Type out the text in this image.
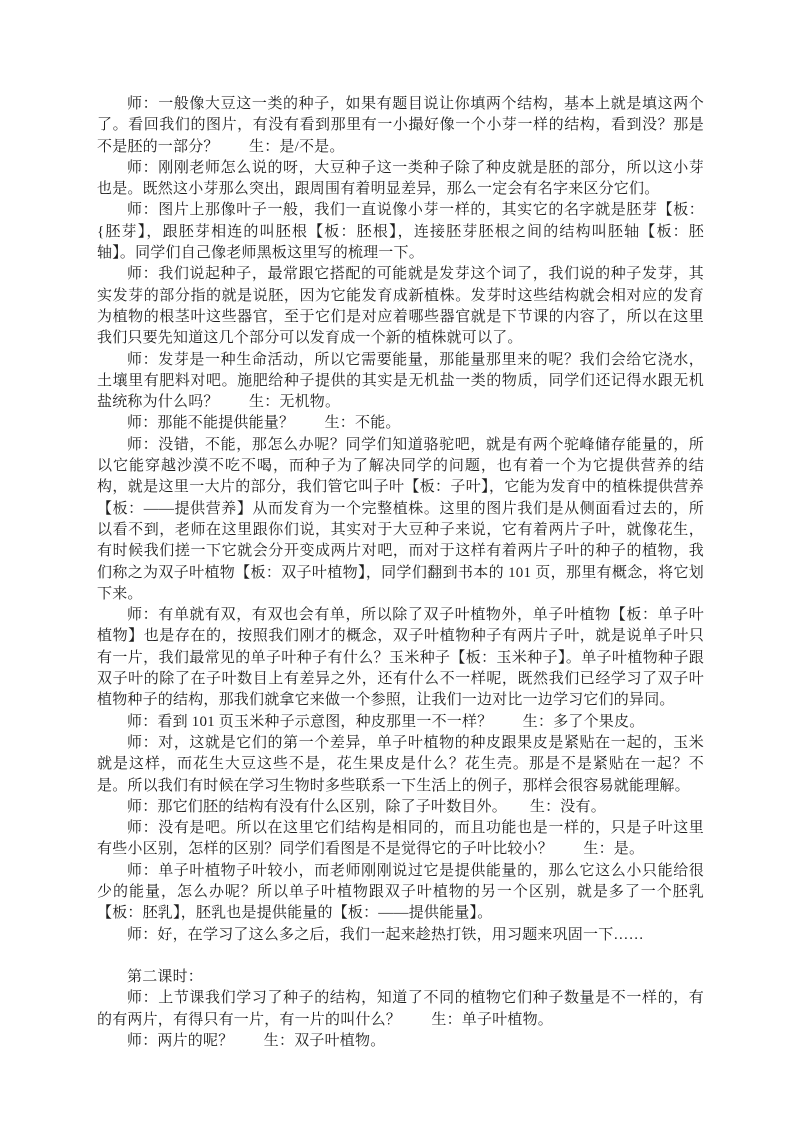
师：一般像大豆这一类的种子，如果有题目说让你填两个结构，基本上就是填这两个了。看回我们的图片，有没有看到那里有一小撮好像一个小芽一样的结构，看到没？那是不是胚的一部分？　　生：是/不是。

师：刚刚老师怎么说的呀，大豆种子这一类种子除了种皮就是胚的部分，所以这小芽也是。既然这小芽那么突出，跟周围有着明显差异，那么一定会有名字来区分它们。

师：图片上那像叶子一般，我们一直说像小芽一样的，其实它的名字就是胚芽【板：{胚芽】，跟胚芽相连的叫胚根【板：胚根】，连接胚芽胚根之间的结构叫胚轴【板：胚轴】。同学们自己像老师黑板这里写的梳理一下。

师：我们说起种子，最常跟它搭配的可能就是发芽这个词了，我们说的种子发芽，其实发芽的部分指的就是说胚，因为它能发育成新植株。发芽时这些结构就会相对应的发育为植物的根茎叶这些器官，至于它们是对应着哪些器官就是下节课的内容了，所以在这里我们只要先知道这几个部分可以发育成一个新的植株就可以了。

师：发芽是一种生命活动，所以它需要能量，那能量那里来的呢？我们会给它浇水，土壤里有肥料对吧。施肥给种子提供的其实是无机盐一类的物质，同学们还记得水跟无机盐统称为什么吗？　　生：无机物。

师：那能不能提供能量？　　生：不能。

师：没错，不能，那怎么办呢？同学们知道骆驼吧，就是有两个驼峰储存能量的，所以它能穿越沙漠不吃不喝，而种子为了解决同学的问题，也有着一个为它提供营养的结构，就是这里一大片的部分，我们管它叫子叶【板：子叶】，它能为发育中的植株提供营养【板：——提供营养】从而发育为一个完整植株。这里的图片我们是从侧面看过去的，所以看不到，老师在这里跟你们说，其实对于大豆种子来说，它有着两片子叶，就像花生，有时候我们搓一下它就会分开变成两片对吧，而对于这样有着两片子叶的种子的植物，我们称之为双子叶植物【板：双子叶植物】，同学们翻到书本的 101 页，那里有概念，将它划下来。

师：有单就有双，有双也会有单，所以除了双子叶植物外，单子叶植物【板：单子叶植物】也是存在的，按照我们刚才的概念，双子叶植物种子有两片子叶，就是说单子叶只有一片，我们最常见的单子叶种子有什么？玉米种子【板：玉米种子】。单子叶植物种子跟双子叶的除了在子叶数目上有差异之外，还有什么不一样呢，既然我们已经学习了双子叶植物种子的结构，那我们就拿它来做一个参照，让我们一边对比一边学习它们的异同。

师：看到 101 页玉米种子示意图，种皮那里一不一样？　　生：多了个果皮。

师：对，这就是它们的第一个差异，单子叶植物的种皮跟果皮是紧贴在一起的，玉米就是这样，而花生大豆这些不是，花生果皮是什么？花生壳。那是不是紧贴在一起？不是。所以我们有时候在学习生物时多些联系一下生活上的例子，那样会很容易就能理解。

师：那它们胚的结构有没有什么区别，除了子叶数目外。　　生：没有。

师：没有是吧。所以在这里它们结构是相同的，而且功能也是一样的，只是子叶这里有些小区别，怎样的区别？同学们看图是不是觉得它的子叶比较小？　　生：是。

师：单子叶植物子叶较小，而老师刚刚说过它是提供能量的，那么它这么小只能给很少的能量，怎么办呢？所以单子叶植物跟双子叶植物的另一个区别，就是多了一个胚乳【板：胚乳】，胚乳也是提供能量的【板：——提供能量】。

师：好，在学习了这么多之后，我们一起来趁热打铁，用习题来巩固一下……

第二课时：

师：上节课我们学习了种子的结构，知道了不同的植物它们种子数量是不一样的，有的有两片，有得只有一片，有一片的叫什么？　　生：单子叶植物。

师：两片的呢？　　生：双子叶植物。
